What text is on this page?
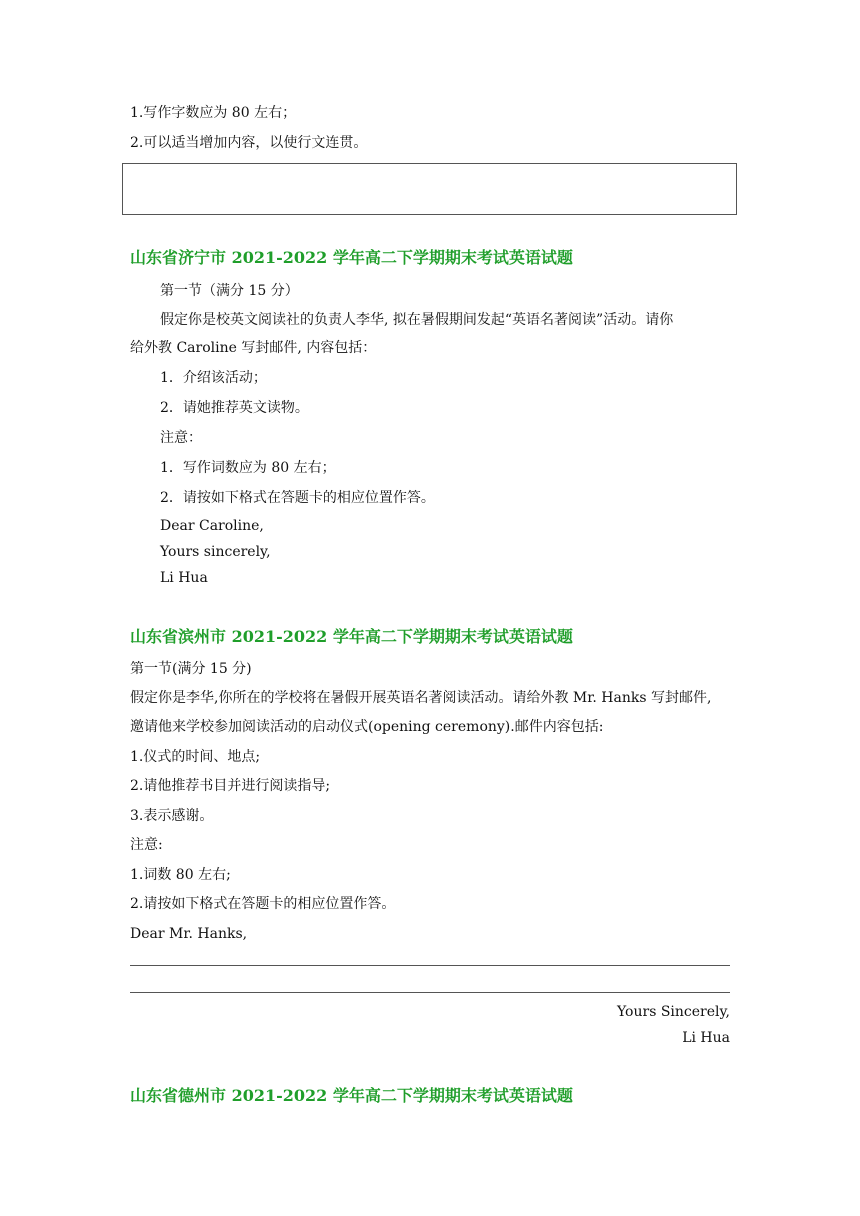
1.写作字数应为 80 左右；
2.可以适当增加内容，以使行文连贯。
山东省济宁市 2021-2022 学年高二下学期期末考试英语试题
第一节（满分 15 分）
假定你是校英文阅读社的负责人李华, 拟在暑假期间发起“英语名著阅读”活动。请你
给外教 Caroline 写封邮件, 内容包括：
1．介绍该活动；
2．请她推荐英文读物。
注意：
1．写作词数应为 80 左右；
2．请按如下格式在答题卡的相应位置作答。
Dear Caroline,
Yours sincerely,
Li Hua
山东省滨州市 2021-2022 学年高二下学期期末考试英语试题
第一节(满分 15 分)
假定你是李华,你所在的学校将在暑假开展英语名著阅读活动。请给外教 Mr. Hanks 写封邮件,
邀请他来学校参加阅读活动的启动仪式(opening ceremony).邮件内容包括:
1.仪式的时间、地点;
2.请他推荐书目并进行阅读指导;
3.表示感谢。
注意:
1.词数 80 左右;
2.请按如下格式在答题卡的相应位置作答。
Dear Mr. Hanks,
Yours Sincerely,
Li Hua
山东省德州市 2021-2022 学年高二下学期期末考试英语试题
